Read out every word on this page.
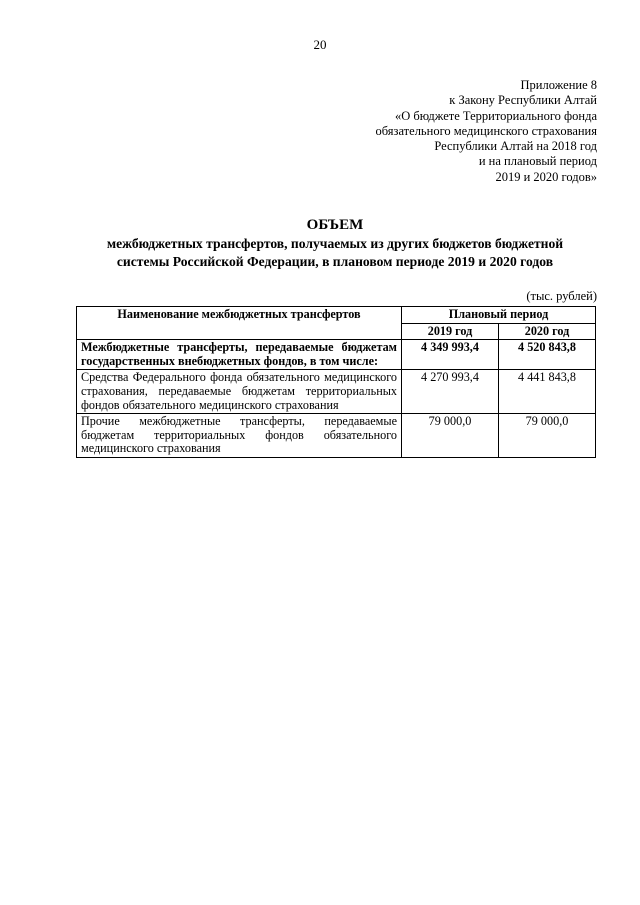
20
Приложение 8
к Закону Республики Алтай
«О бюджете Территориального фонда
обязательного медицинского страхования
Республики Алтай на 2018 год
и на плановый период
2019 и 2020 годов»
ОБЪЕМ
межбюджетных трансфертов, получаемых из других бюджетов бюджетной
системы Российской Федерации, в плановом периоде 2019 и 2020 годов
(тыс. рублей)
Наименование межбюджетных трансфертов	Плановый период	
	2019 год	2020 год
Межбюджетные трансферты, передаваемые бюджетам государственных внебюджетных фондов, в том числе:	4 349 993,4	4 520 843,8
Средства Федерального фонда обязательного медицинского страхования, передаваемые бюджетам территориальных фондов обязательного медицинского страхования	4 270 993,4	4 441 843,8
Прочие межбюджетные трансферты, передаваемые бюджетам территориальных фондов обязательного медицинского страхования	79 000,0	79 000,0
